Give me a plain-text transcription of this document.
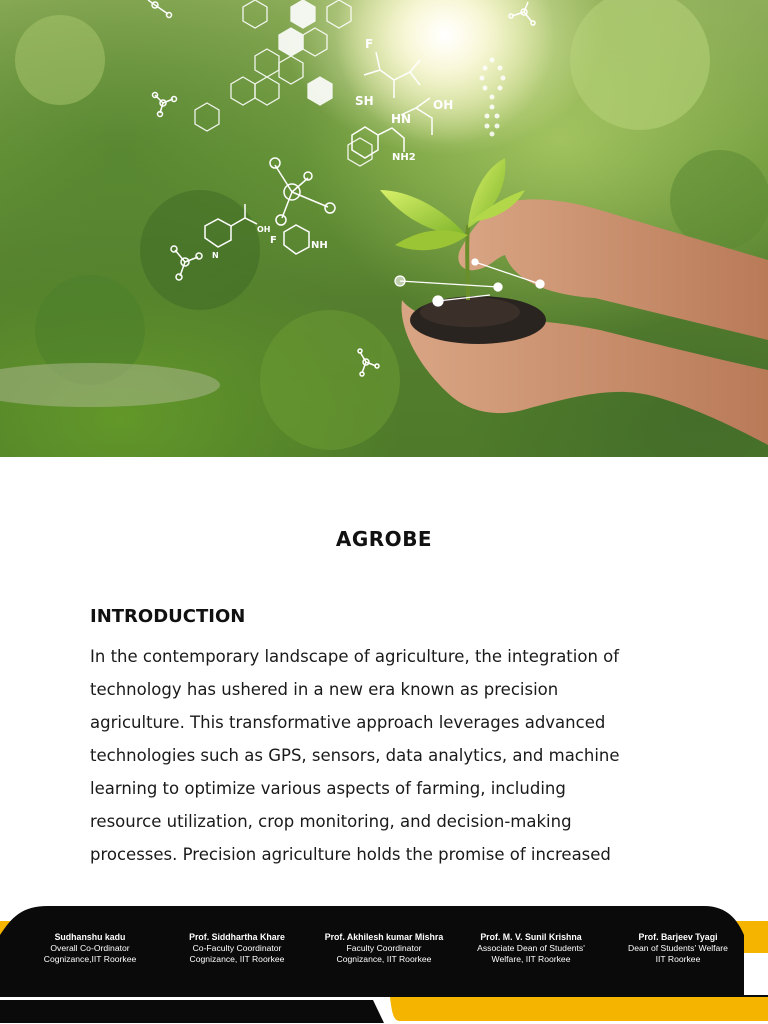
F
SH	OH
HN
NH2
F	NH
OH
N
AGROBE
INTRODUCTION
In the contemporary landscape of agriculture, the integration of
technology has ushered in a new era known as precision
agriculture. This transformative approach leverages advanced
technologies such as GPS, sensors, data analytics, and machine
learning to optimize various aspects of farming, including
resource utilization, crop monitoring, and decision-making
processes. Precision agriculture holds the promise of increased
Sudhanshu kadu
Overall Co-Ordinator
Cognizance,IIT Roorkee
Prof. Siddhartha Khare
Co-Faculty Coordinator
Cognizance, IIT Roorkee
Prof. Akhilesh kumar Mishra
Faculty Coordinator
Cognizance, IIT Roorkee
Prof. M. V. Sunil Krishna
Associate Dean of Students'
Welfare, IIT Roorkee
Prof. Barjeev Tyagi
Dean of Students' Welfare
IIT Roorkee
